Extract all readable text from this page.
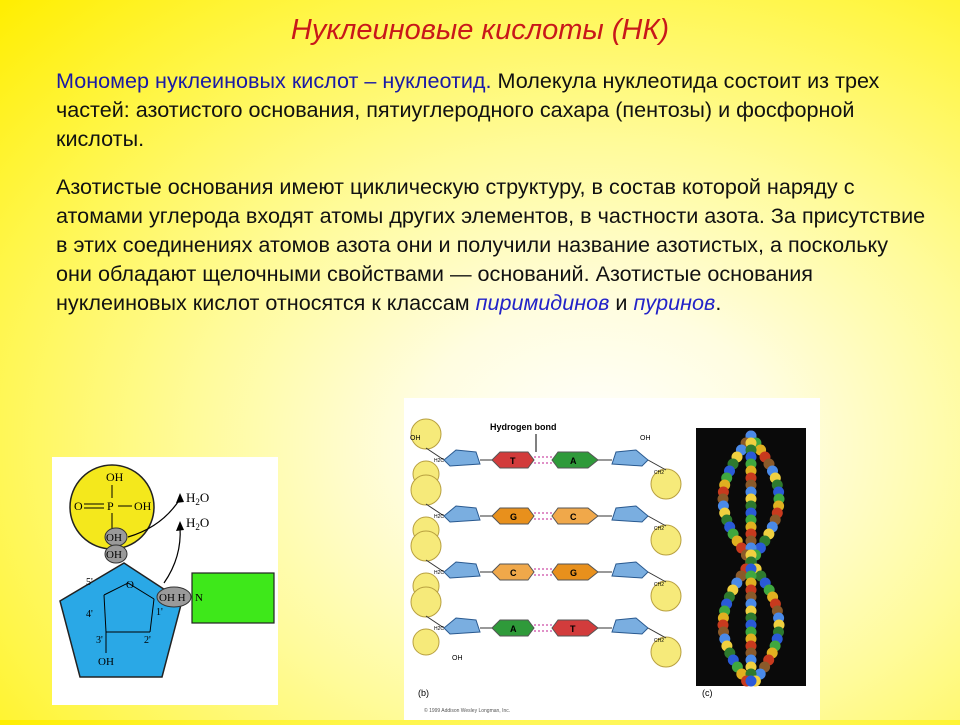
Нуклеиновые кислоты (НК)
Мономер нуклеиновых кислот – нуклеотид. Молекула нуклеотида состоит из трех частей: азотистого основания, пятиуглеродного сахара (пентозы) и фосфорной кислоты.
Азотистые основания имеют циклическую структуру, в состав которой наряду с атомами углерода входят атомы других элементов, в частности азота. За присутствие в этих соединениях атомов азота они и получили название азотистых, а поскольку они обладают щелочными свойствами — оснований. Азотистые основания нуклеиновых кислот относятся к классам пиримидинов и пуринов.
OH
P
O	OH
OH
OH
$H_2O$
$H_2O$
O
5'
4'
3'	2'
1'
OH
OH H N
Hydrogen bond
T	A
H2C
CH2
G	C
H2C
CH2
C	G
H2C
CH2
A	T
H2C
CH2
OH
OH
OH
(b)	(c)
© 1999 Addison Wesley Longman, Inc.
